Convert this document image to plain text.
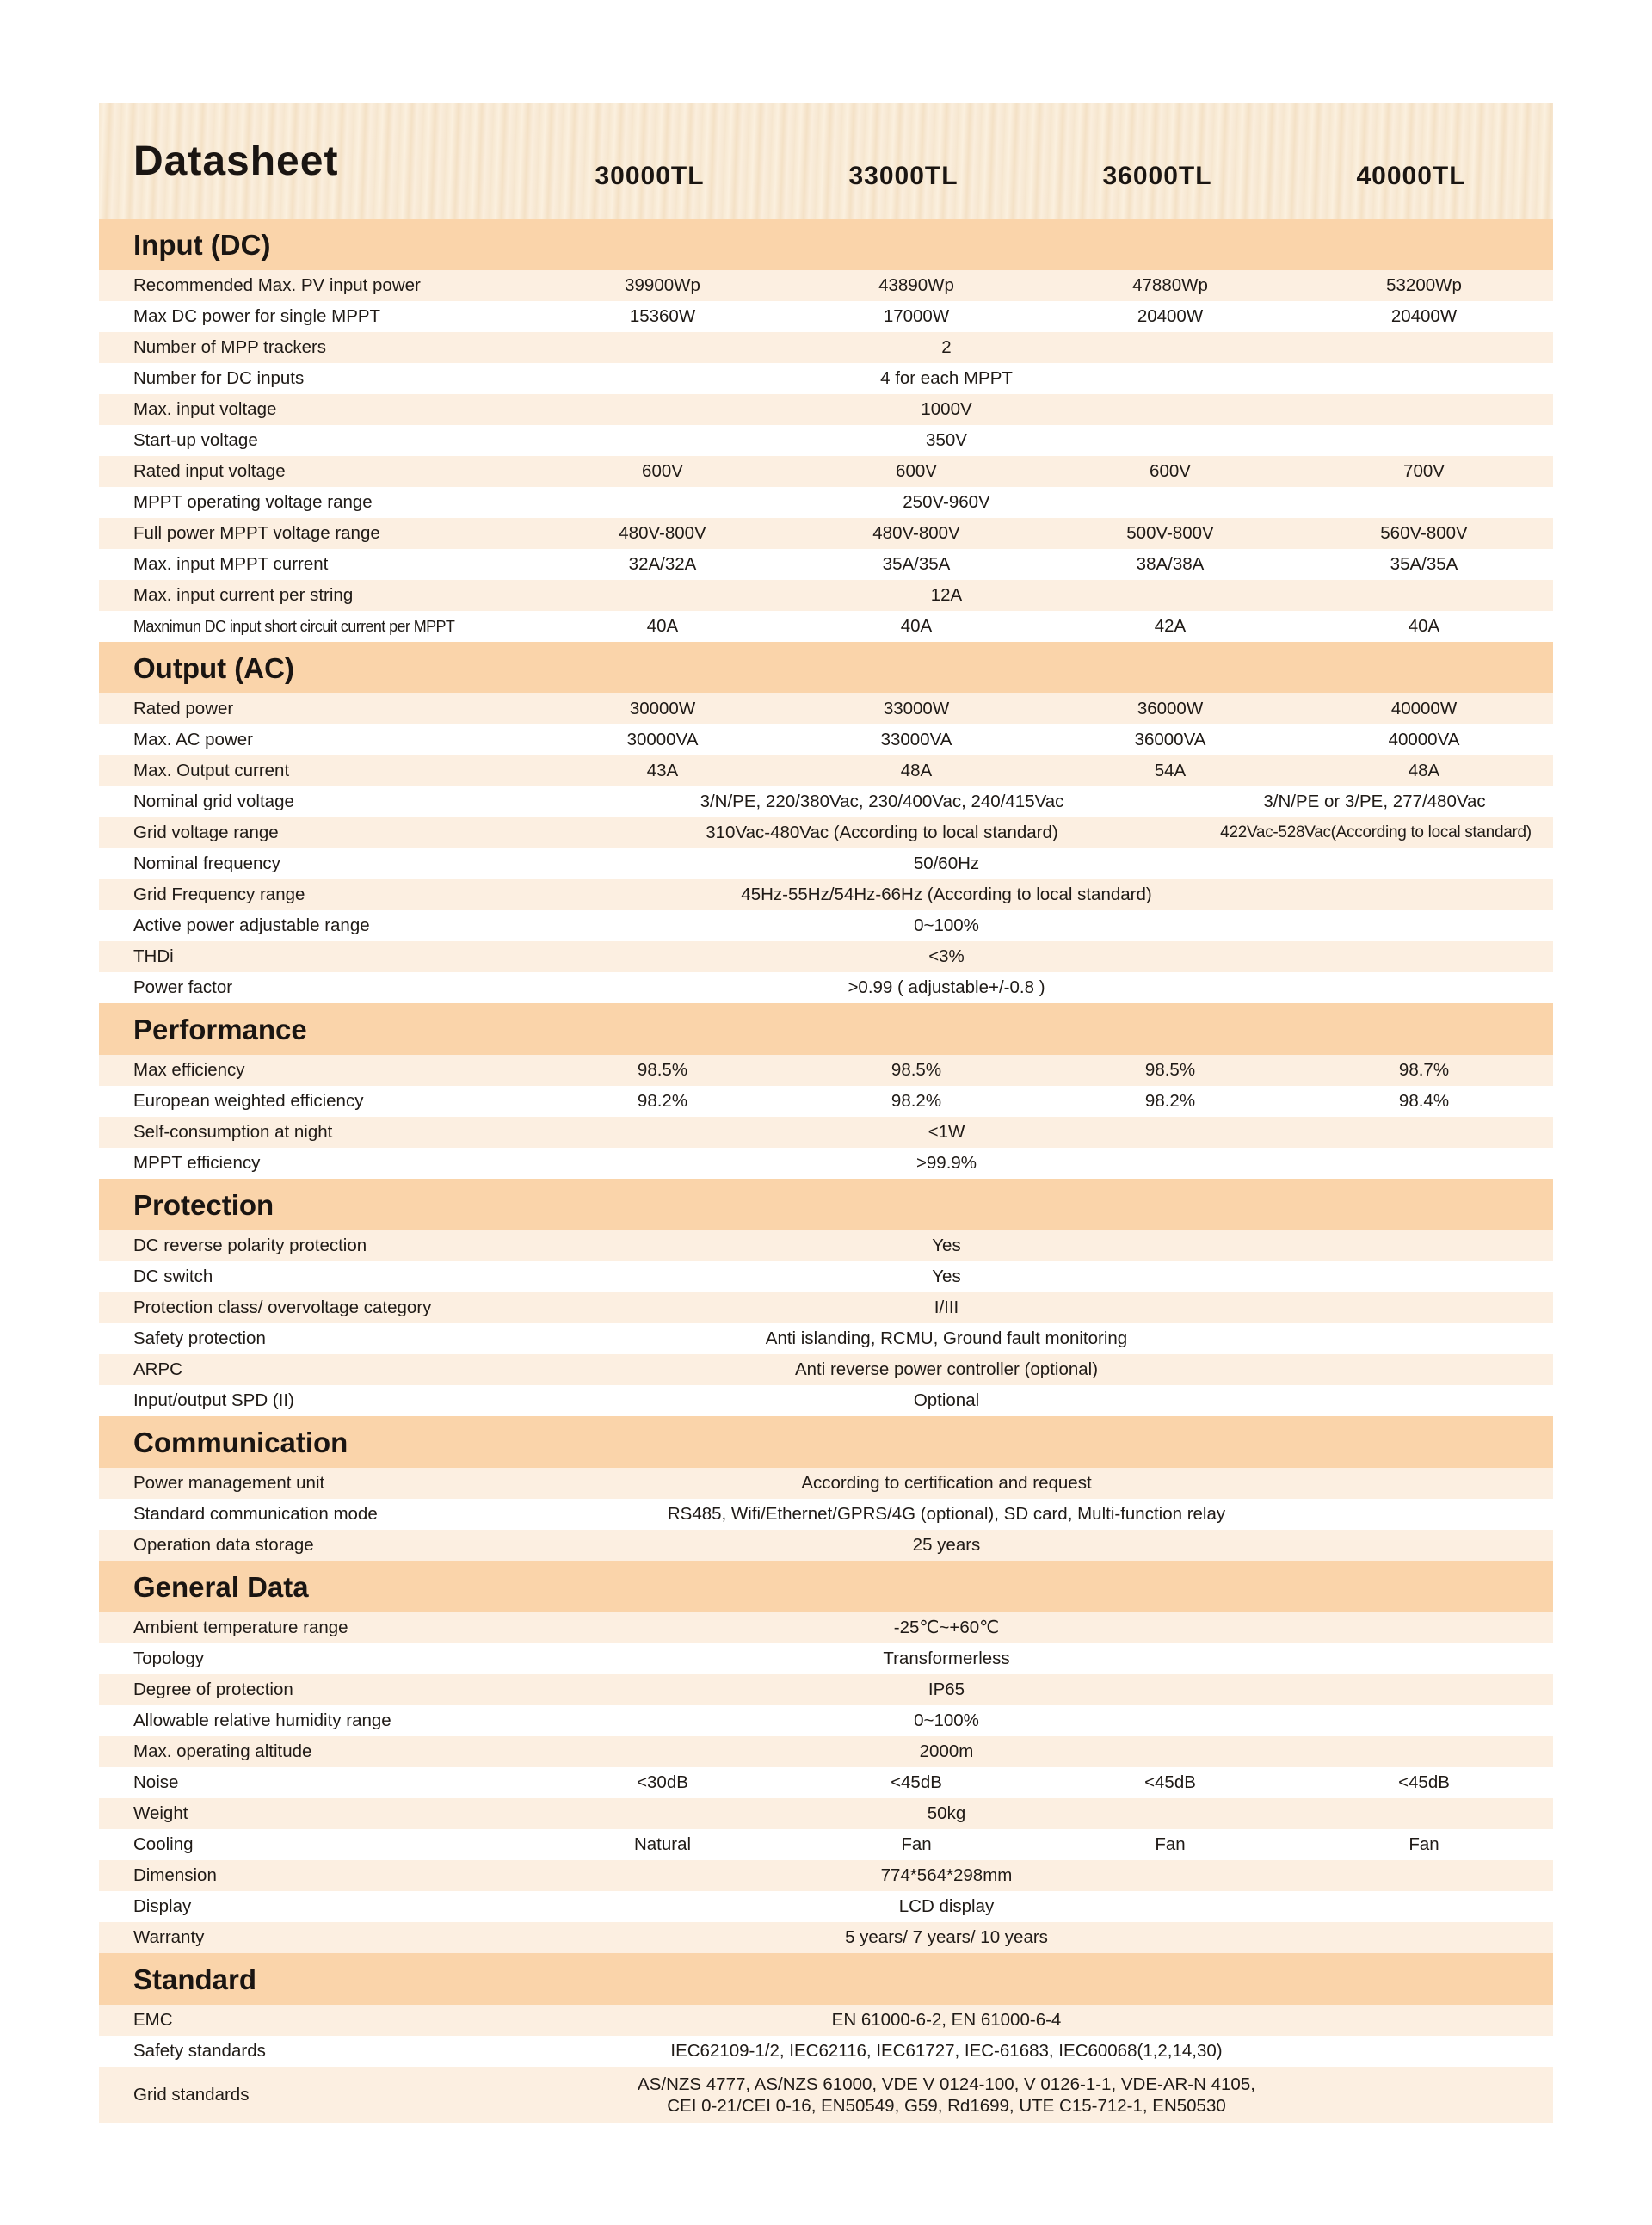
Datasheet	30000TL	33000TL	36000TL	40000TL
Input (DC)
Recommended Max. PV input power	39900Wp	43890Wp	47880Wp	53200Wp
Max DC power for single MPPT	15360W	17000W	20400W	20400W
Number of MPP trackers	2
Number for DC inputs	4 for each MPPT
Max. input voltage	1000V
Start-up voltage	350V
Rated input voltage	600V	600V	600V	700V
MPPT operating voltage range	250V-960V
Full power MPPT voltage range	480V-800V	480V-800V	500V-800V	560V-800V
Max. input MPPT current	32A/32A	35A/35A	38A/38A	35A/35A
Max. input current per string	12A
Maxnimun DC input short circuit current per MPPT	40A	40A	42A	40A
Output (AC)
Rated power	30000W	33000W	36000W	40000W
Max. AC power	30000VA	33000VA	36000VA	40000VA
Max. Output current	43A	48A	54A	48A
Nominal grid voltage	3/N/PE, 220/380Vac, 230/400Vac, 240/415Vac	3/N/PE or 3/PE, 277/480Vac
Grid voltage range	310Vac-480Vac (According to local standard)	422Vac-528Vac(According to local standard)
Nominal frequency	50/60Hz
Grid Frequency range	45Hz-55Hz/54Hz-66Hz (According to local standard)
Active power adjustable range	0~100%
THDi	<3%
Power factor	>0.99 ( adjustable+/-0.8 )
Performance
Max efficiency	98.5%	98.5%	98.5%	98.7%
European weighted efficiency	98.2%	98.2%	98.2%	98.4%
Self-consumption at night	<1W
MPPT efficiency	>99.9%
Protection
DC reverse polarity protection	Yes
DC switch	Yes
Protection class/ overvoltage category	I/III
Safety protection	Anti islanding, RCMU, Ground fault monitoring
ARPC	Anti reverse power controller (optional)
Input/output SPD (II)	Optional
Communication
Power management unit	According to certification and request
Standard communication mode	RS485, Wifi/Ethernet/GPRS/4G (optional), SD card, Multi-function relay
Operation data storage	25 years
General Data
Ambient temperature range	-25℃~+60℃
Topology	Transformerless
Degree of protection	IP65
Allowable relative humidity range	0~100%
Max. operating altitude	2000m
Noise	<30dB	<45dB	<45dB	<45dB
Weight	50kg
Cooling	Natural	Fan	Fan	Fan
Dimension	774*564*298mm
Display	LCD display
Warranty	5 years/ 7 years/ 10 years
Standard
EMC	EN 61000-6-2, EN 61000-6-4
Safety standards	IEC62109-1/2, IEC62116, IEC61727, IEC-61683, IEC60068(1,2,14,30)
Grid standards
AS/NZS 4777, AS/NZS 61000, VDE V 0124-100, V 0126-1-1, VDE-AR-N 4105,
CEI 0-21/CEI 0-16, EN50549, G59, Rd1699, UTE C15-712-1, EN50530
